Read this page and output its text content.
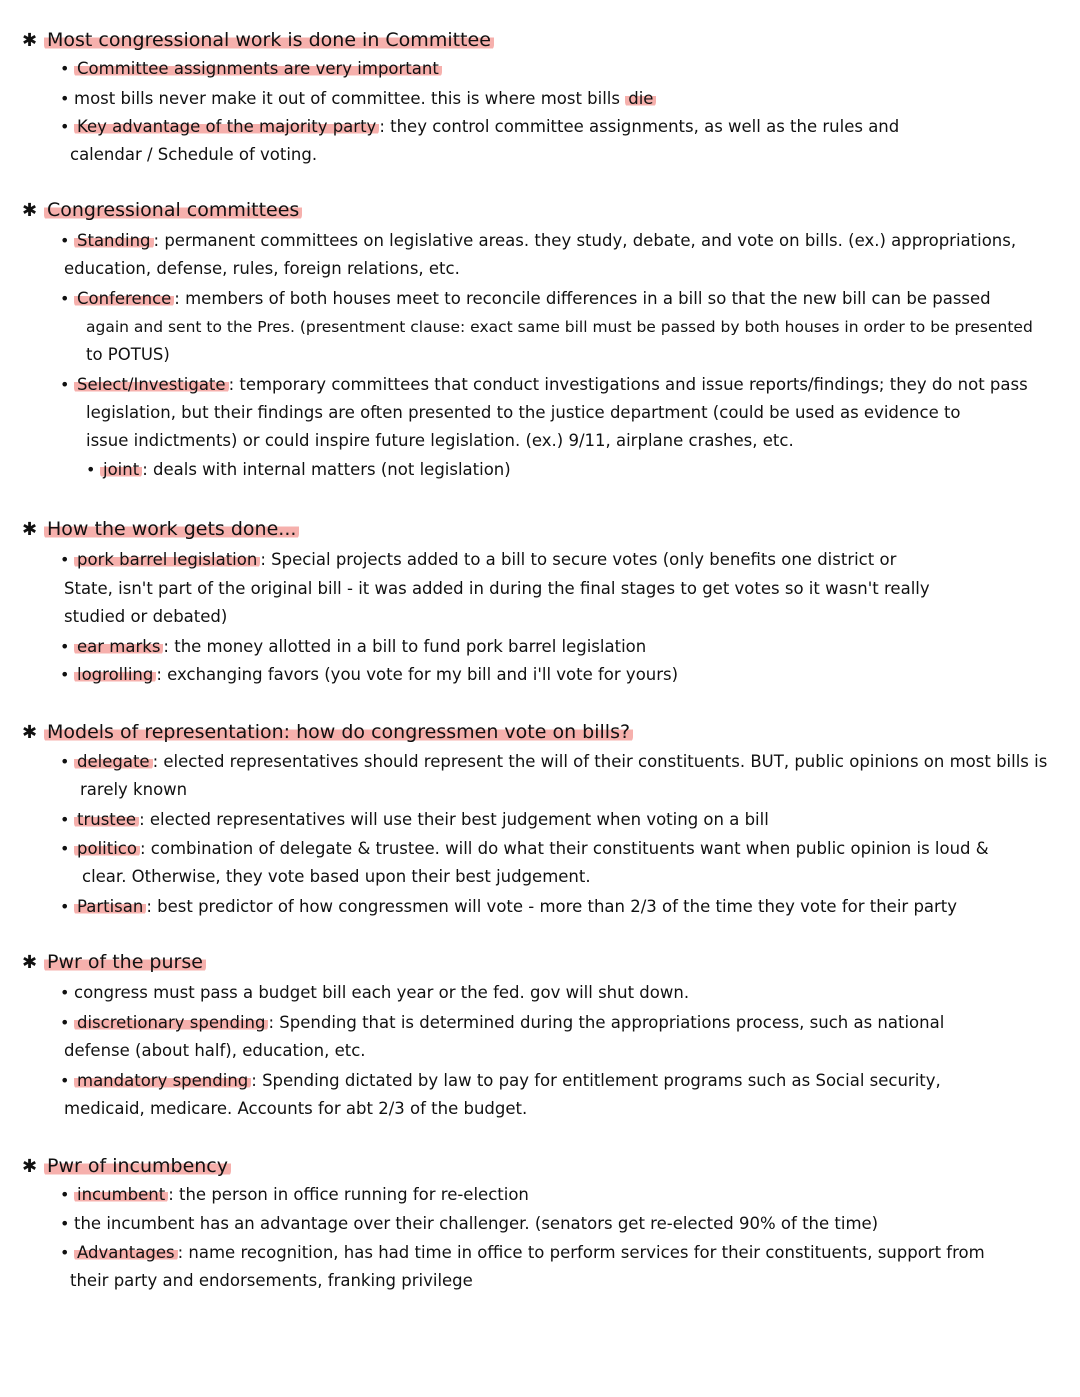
✱ Most congressional work is done in Committee
• Committee assignments are very important
• most bills never make it out of committee. this is where most bills die
• Key advantage of the majority party : they control committee assignments, as well as the rules and
calendar / Schedule of voting.
✱ Congressional committees
• Standing : permanent committees on legislative areas. they study, debate, and vote on bills. (ex.) appropriations,
education, defense, rules, foreign relations, etc.
• Conference : members of both houses meet to reconcile differences in a bill so that the new bill can be passed
again and sent to the Pres. (presentment clause: exact same bill must be passed by both houses in order to be presented
to POTUS)
• Select/Investigate : temporary committees that conduct investigations and issue reports/findings; they do not pass
legislation, but their findings are often presented to the justice department (could be used as evidence to
issue indictments) or could inspire future legislation. (ex.) 9/11, airplane crashes, etc.
• joint : deals with internal matters (not legislation)
✱ How the work gets done...
• pork barrel legislation : Special projects added to a bill to secure votes (only benefits one district or
State, isn't part of the original bill - it was added in during the final stages to get votes so it wasn't really
studied or debated)
• ear marks : the money allotted in a bill to fund pork barrel legislation
• logrolling : exchanging favors (you vote for my bill and i'll vote for yours)
✱ Models of representation: how do congressmen vote on bills?
• delegate : elected representatives should represent the will of their constituents. BUT, public opinions on most bills is
rarely known
• trustee : elected representatives will use their best judgement when voting on a bill
• politico : combination of delegate & trustee. will do what their constituents want when public opinion is loud &
clear. Otherwise, they vote based upon their best judgement.
• Partisan : best predictor of how congressmen will vote - more than 2/3 of the time they vote for their party
✱ Pwr of the purse
• congress must pass a budget bill each year or the fed. gov will shut down.
• discretionary spending : Spending that is determined during the appropriations process, such as national
defense (about half), education, etc.
• mandatory spending : Spending dictated by law to pay for entitlement programs such as Social security,
medicaid, medicare. Accounts for abt 2/3 of the budget.
✱ Pwr of incumbency
• incumbent : the person in office running for re-election
• the incumbent has an advantage over their challenger. (senators get re-elected 90% of the time)
• Advantages : name recognition, has had time in office to perform services for their constituents, support from
their party and endorsements, franking privilege
